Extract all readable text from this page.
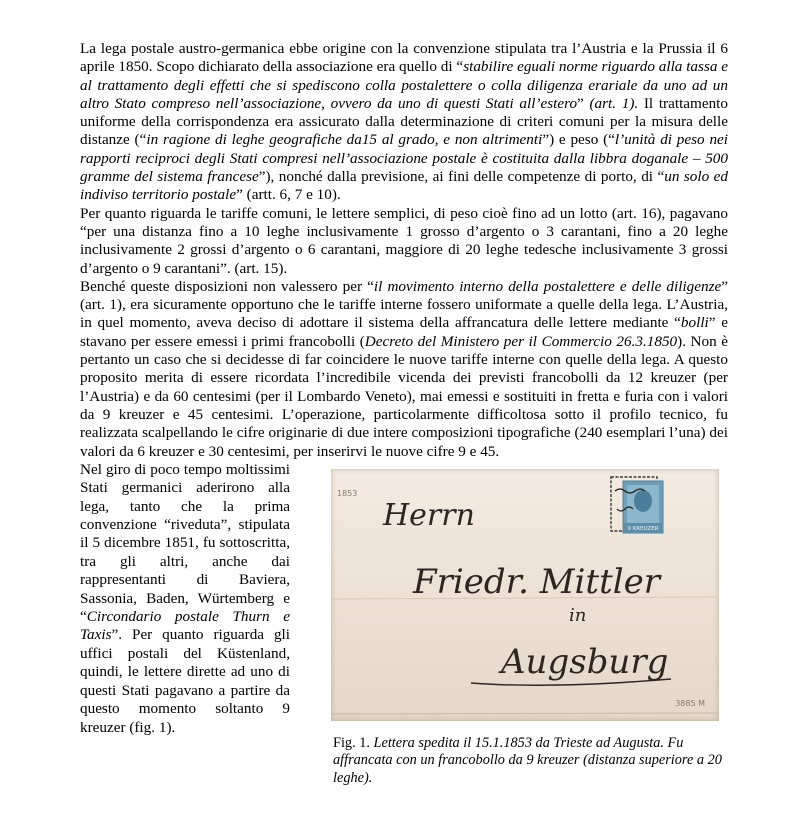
La lega postale austro-germanica ebbe origine con la convenzione stipulata tra l’Austria e la Prussia il 6 aprile 1850. Scopo dichiarato della associazione era quello di “stabilire eguali norme riguardo alla tassa e al trattamento degli effetti che si spediscono colla postalettere o colla diligenza erariale da uno ad un altro Stato compreso nell’associazione, ovvero da uno di questi Stati all’estero” (art. 1). Il trattamento uniforme della corrispondenza era assicurato dalla determinazione di criteri comuni per la misura delle distanze (“in ragione di leghe geografiche da15 al grado, e non altrimenti”) e peso (“l’unità di peso nei rapporti reciproci degli Stati compresi nell’associazione postale è costituita dalla libbra doganale – 500 gramme del sistema francese”), nonché dalla previsione, ai fini delle competenze di porto, di “un solo ed indiviso territorio postale” (artt. 6, 7 e 10).

Per quanto riguarda le tariffe comuni, le lettere semplici, di peso cioè fino ad un lotto (art. 16), pagavano “per una distanza fino a 10 leghe inclusivamente 1 grosso d’argento o 3 carantani, fino a 20 leghe inclusivamente 2 grossi d’argento o 6 carantani, maggiore di 20 leghe tedesche inclusivamente 3 grossi d’argento o 9 carantani”. (art. 15).

Benché queste disposizioni non valessero per “il movimento interno della postalettere e delle diligenze” (art. 1), era sicuramente opportuno che le tariffe interne fossero uniformate a quelle della lega. L’Austria, in quel momento, aveva deciso di adottare il sistema della affrancatura delle lettere mediante “bolli” e stavano per essere emessi i primi francobolli (Decreto del Ministero per il Commercio 26.3.1850). Non è pertanto un caso che si decidesse di far coincidere le nuove tariffe interne con quelle della lega. A questo proposito merita di essere ricordata l’incredibile vicenda dei previsti francobolli da 12 kreuzer (per l’Austria) e da 60 centesimi (per il Lombardo Veneto), mai emessi e sostituiti in fretta e furia con i valori da 9 kreuzer e 45 centesimi. L’operazione, particolarmente difficoltosa sotto il profilo tecnico, fu realizzata scalpellando le cifre originarie di due intere composizioni tipografiche (240 esemplari l’una) dei valori da 6 kreuzer e 30 centesimi, per inserirvi le nuove cifre 9 e 45.

Nel giro di poco tempo moltissimi Stati germanici aderirono alla lega, tanto che la prima convenzione “riveduta”, stipulata il 5 dicembre 1851, fu sottoscritta, tra gli altri, anche dai rappresentanti di Baviera, Sassonia, Baden, Würtemberg e “Circondario postale Thurn e Taxis”. Per quanto riguarda gli uffici postali del Küstenland, quindi, le lettere dirette ad uno di questi Stati pagavano a partire da questo momento soltanto 9 kreuzer (fig. 1).

9 KREUZER
Herrn
Friedr. Mittler
in
Augsburg
1853
3885 M
Fig. 1. Lettera spedita il 15.1.1853 da Trieste ad Augusta. Fu affrancata con un francobollo da 9 kreuzer (distanza superiore a 20 leghe).
